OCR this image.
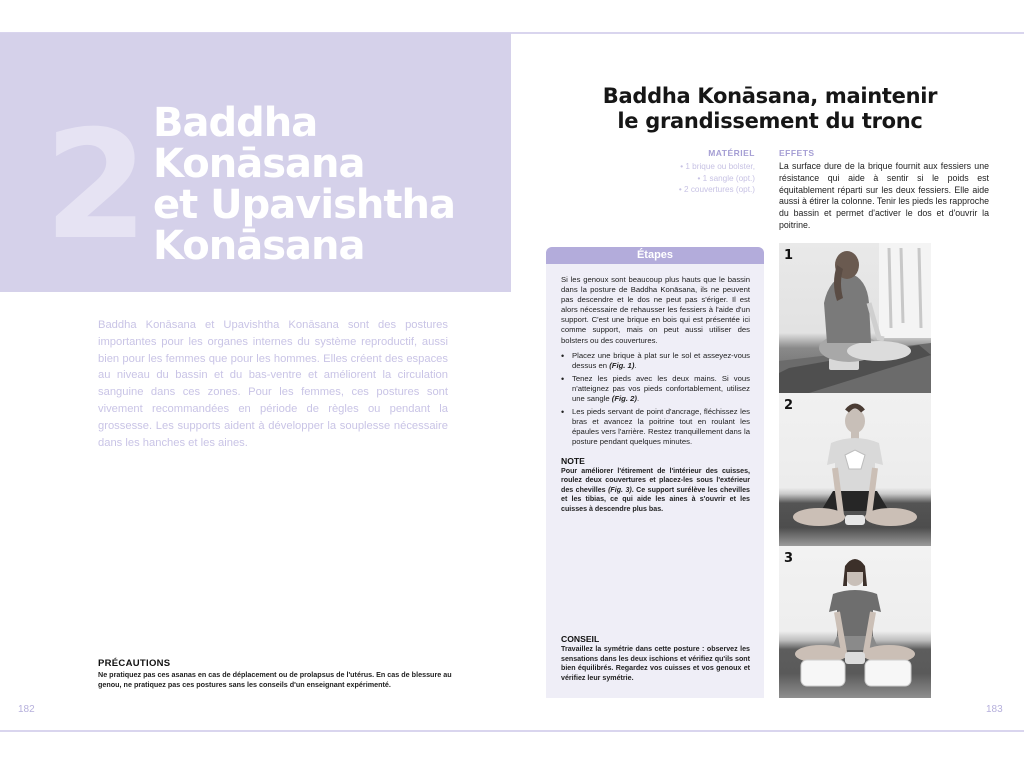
2 Baddha
Konāsana
et Upavishtha
Konāsana

Baddha Konāsana et Upavishtha Konāsana sont des postures importantes pour les organes internes du système reproductif, aussi bien pour les femmes que pour les hommes. Elles créent des espaces au niveau du bassin et du bas-ventre et améliorent la circulation sanguine dans ces zones. Pour les femmes, ces postures sont vivement recommandées en période de règles ou pendant la grossesse. Les supports aident à développer la souplesse nécessaire dans les hanches et les aines.

PRÉCAUTIONS

Ne pratiquez pas ces asanas en cas de déplacement ou de prolapsus de l'utérus. En cas de blessure au genou, ne pratiquez pas ces postures sans les conseils d'un enseignant expérimenté.

182
Baddha Konāsana, maintenir
le grandissement du tronc
MATÉRIEL
• 1 brique ou bolster,
• 1 sangle (opt.)
• 2 couvertures (opt.)
EFFETS

La surface dure de la brique fournit aux fessiers une résistance qui aide à sentir si le poids est équitablement réparti sur les deux fessiers. Elle aide aussi à étirer la colonne. Tenir les pieds les rapproche du bassin et permet d'activer le dos et d'ouvrir la poitrine.

Étapes

Si les genoux sont beaucoup plus hauts que le bassin dans la posture de Baddha Konāsana, ils ne peuvent pas descendre et le dos ne peut pas s'ériger. Il est alors nécessaire de rehausser les fessiers à l'aide d'un support. C'est une brique en bois qui est présentée ici comme support, mais on peut aussi utiliser des bolsters ou des couvertures.

• Placez une brique à plat sur le sol et asseyez-vous dessus en (Fig. 1).
• Tenez les pieds avec les deux mains. Si vous n'atteignez pas vos pieds confortablement, utilisez une sangle (Fig. 2).
• Les pieds servant de point d'ancrage, fléchissez les bras et avancez la poitrine tout en roulant les épaules vers l'arrière. Restez tranquillement dans la posture pendant quelques minutes.
NOTE

Pour améliorer l'étirement de l'intérieur des cuisses, roulez deux couvertures et placez-les sous l'extérieur des chevilles (Fig. 3). Ce support surélève les chevilles et les tibias, ce qui aide les aines à s'ouvrir et les cuisses à descendre plus bas.

CONSEIL

Travaillez la symétrie dans cette posture : observez les sensations dans les deux ischions et vérifiez qu'ils sont bien équilibrés. Regardez vos cuisses et vos genoux et vérifiez leur symétrie.

1
2
3
183
